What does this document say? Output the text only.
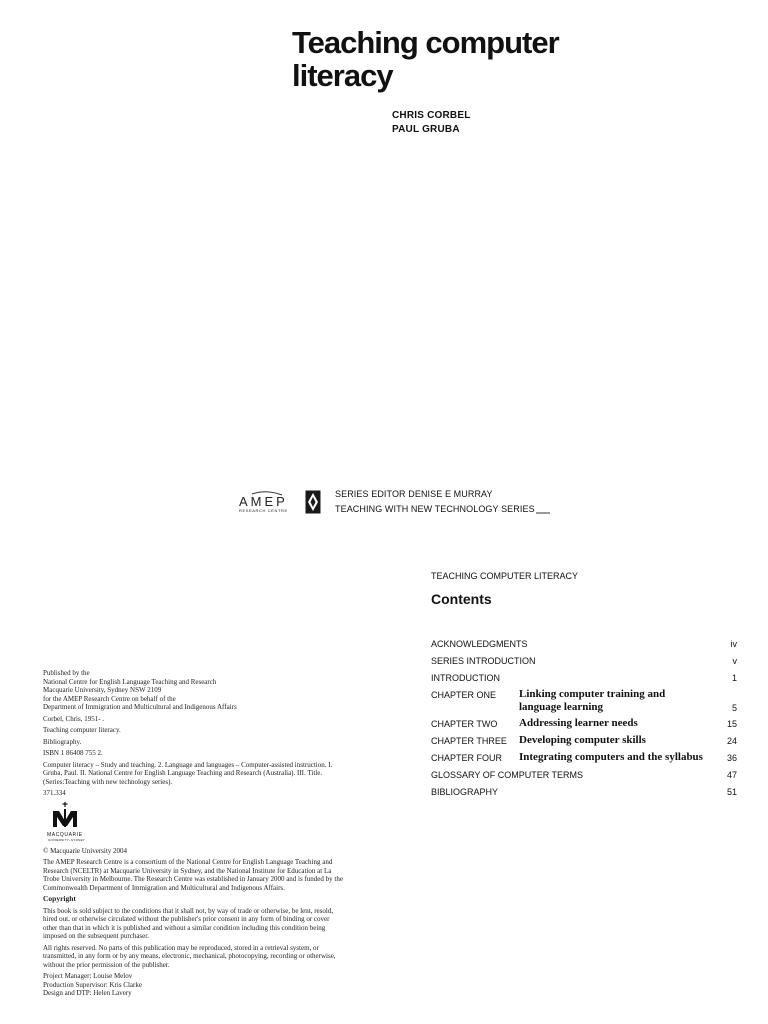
Teaching computer literacy
CHRIS CORBEL
PAUL GRUBA
AMEP
RESEARCH CENTRE
SERIES EDITOR DENISE E MURRAY
TEACHING WITH NEW TECHNOLOGY SERIES
TEACHING COMPUTER LITERACY
Contents
ACKNOWLEDGMENTS	iv
SERIES INTRODUCTION	v
INTRODUCTION	1
CHAPTER ONE Linking computer training and language learning	5
CHAPTER TWO Addressing learner needs	15
CHAPTER THREE Developing computer skills	24
CHAPTER FOUR Integrating computers and the syllabus	36
GLOSSARY OF COMPUTER TERMS	47
BIBLIOGRAPHY	51

Published by the
National Centre for English Language Teaching and Research
Macquarie University, Sydney NSW 2109
for the AMEP Research Centre on behalf of the
Department of Immigration and Multicultural and Indigenous Affairs

Corbel, Chris, 1951- .

Teaching computer literacy.

Bibliography.

ISBN 1 86408 755 2.

Computer literacy – Study and teaching. 2. Language and languages – Computer-assisted instruction. I. Gruba, Paul. II. National Centre for English Language Teaching and Research (Australia). III. Title. (Series:Teaching with new technology series).

371.334

MACQUARIE
UNIVERSITY~SYDNEY

© Macquarie University 2004

The AMEP Research Centre is a consortium of the National Centre for English Language Teaching and Research (NCELTR) at Macquarie University in Sydney, and the National Institute for Education at La Trobe University in Melbourne. The Research Centre was established in January 2000 and is funded by the Commonwealth Department of Immigration and Multicultural and Indigenous Affairs.

Copyright

This book is sold subject to the conditions that it shall not, by way of trade or otherwise, be lent, resold, hired out, or otherwise circulated without the publisher's prior consent in any form of binding or cover other than that in which it is published and without a similar condition including this condition being imposed on the subsequent purchaser.

All rights reserved. No parts of this publication may be reproduced, stored in a retrieval system, or transmitted, in any form or by any means, electronic, mechanical, photocopying, recording or otherwise, without the prior permission of the publisher.

Project Manager: Louise Melov
Production Supervisor: Kris Clarke
Design and DTP: Helen Lavery
